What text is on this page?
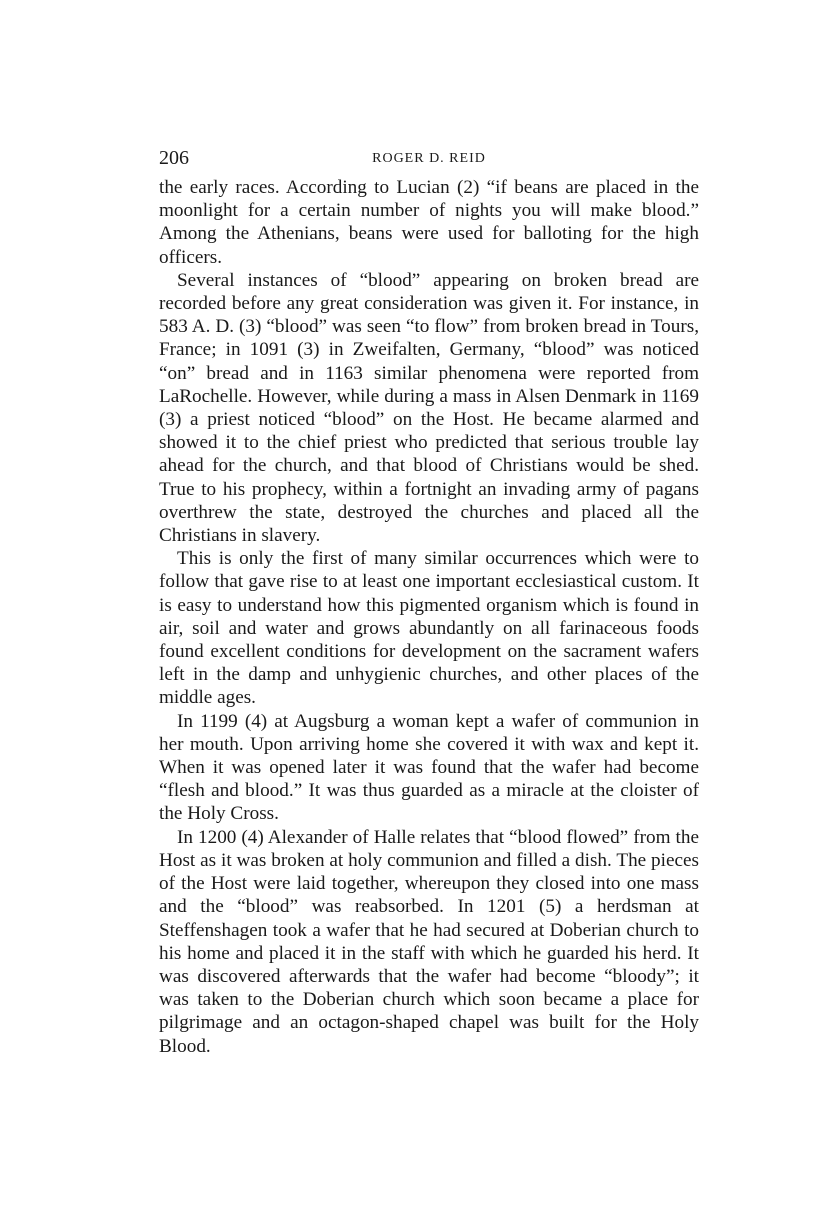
206	ROGER D. REID

the early races. According to Lucian (2) “if beans are placed in the moonlight for a certain number of nights you will make blood.” Among the Athenians, beans were used for balloting for the high officers.

Several instances of “blood” appearing on broken bread are recorded before any great consideration was given it. For instance, in 583 A. D. (3) “blood” was seen “to flow” from broken bread in Tours, France; in 1091 (3) in Zweifalten, Germany, “blood” was noticed “on” bread and in 1163 similar phenomena were reported from LaRochelle. However, while during a mass in Alsen Denmark in 1169 (3) a priest noticed “blood” on the Host. He became alarmed and showed it to the chief priest who predicted that serious trouble lay ahead for the church, and that blood of Christians would be shed. True to his prophecy, within a fortnight an invading army of pagans overthrew the state, destroyed the churches and placed all the Christians in slavery.

This is only the first of many similar occurrences which were to follow that gave rise to at least one important ecclesiastical custom. It is easy to understand how this pigmented organism which is found in air, soil and water and grows abundantly on all farinaceous foods found excellent conditions for development on the sacrament wafers left in the damp and unhygienic churches, and other places of the middle ages.

In 1199 (4) at Augsburg a woman kept a wafer of communion in her mouth. Upon arriving home she covered it with wax and kept it. When it was opened later it was found that the wafer had become “flesh and blood.” It was thus guarded as a miracle at the cloister of the Holy Cross.

In 1200 (4) Alexander of Halle relates that “blood flowed” from the Host as it was broken at holy communion and filled a dish. The pieces of the Host were laid together, whereupon they closed into one mass and the “blood” was reabsorbed. In 1201 (5) a herdsman at Steffenshagen took a wafer that he had secured at Doberian church to his home and placed it in the staff with which he guarded his herd. It was discovered afterwards that the wafer had become “bloody”; it was taken to the Doberian church which soon became a place for pilgrimage and an octagon-shaped chapel was built for the Holy Blood.
